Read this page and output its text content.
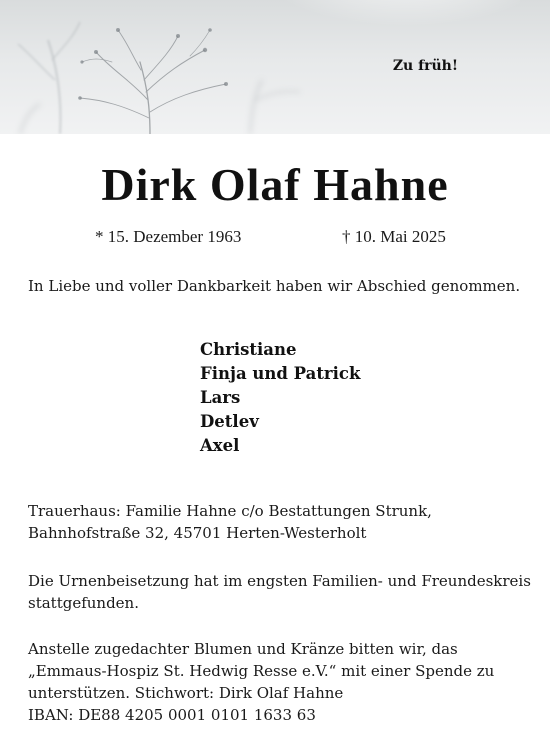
Zu früh!
Dirk Olaf Hahne
* 15. Dezember 1963	† 10. Mai 2025
In Liebe und voller Dankbarkeit haben wir Abschied genommen.
Christiane
Finja und Patrick
Lars
Detlev
Axel
Trauerhaus: Familie Hahne c/o Bestattungen Strunk,
Bahnhofstraße 32, 45701 Herten-Westerholt
Die Urnenbeisetzung hat im engsten Familien- und Freundeskreis
stattgefunden.
Anstelle zugedachter Blumen und Kränze bitten wir, das
„Emmaus-Hospiz St. Hedwig Resse e.V.“ mit einer Spende zu
unterstützen. Stichwort: Dirk Olaf Hahne
IBAN: DE88 4205 0001 0101 1633 63
